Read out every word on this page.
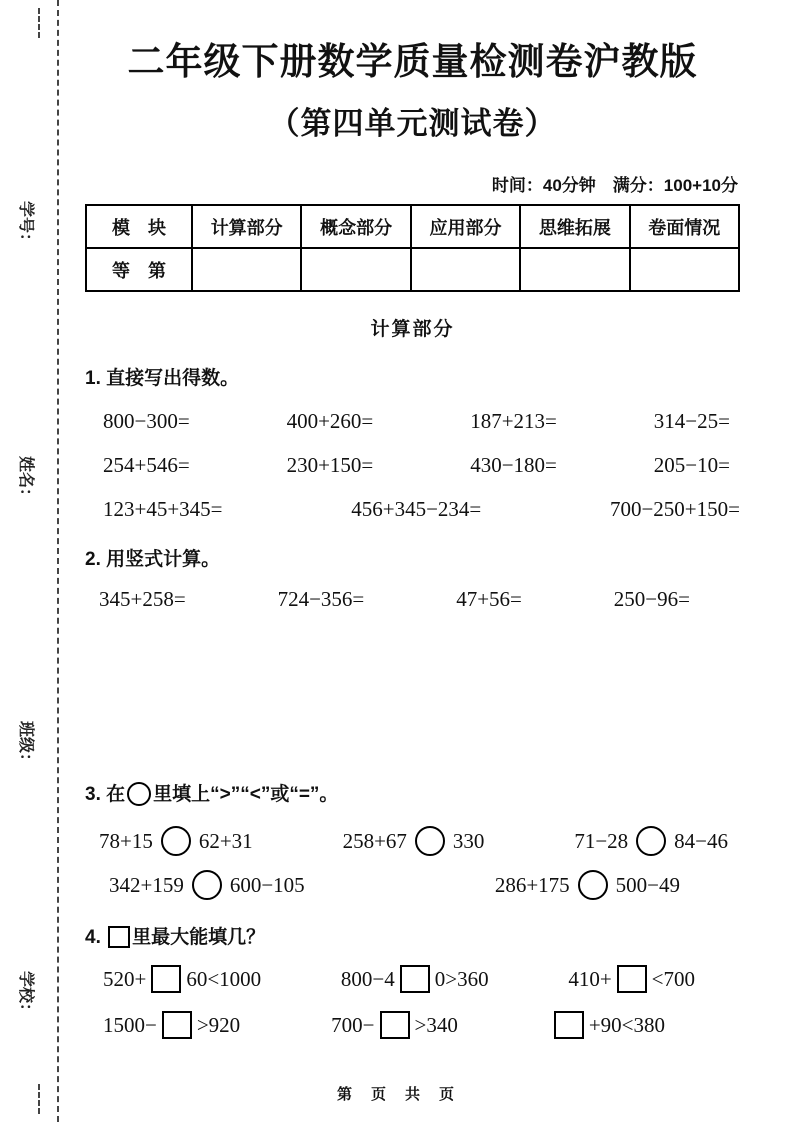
学号：
姓名：
班级：
学校：
二年级下册数学质量检测卷沪教版
（第四单元测试卷）
时间：40分钟　满分：100+10分
模　块	计算部分	概念部分	应用部分	思维拓展	卷面情况
等　第					
计算部分
1. 直接写出得数。
800−300=	400+260=	187+213=	314−25=
254+546=	230+150=	430−180=	205−10=
123+45+345=	456+345−234=	700−250+150=
2. 用竖式计算。
345+258=	724−356=	47+56=	250−96=
3. 在 里填上“>”“<”或“=”。
78+15 62+31	258+67 330	71−28 84−46
342+159 600−105	286+175 500−49
4. 里最大能填几？
520+ 60<1000	800−4 0>360	410+ <700
1500− >920	700− >340	+90<380
第　页　共　页
